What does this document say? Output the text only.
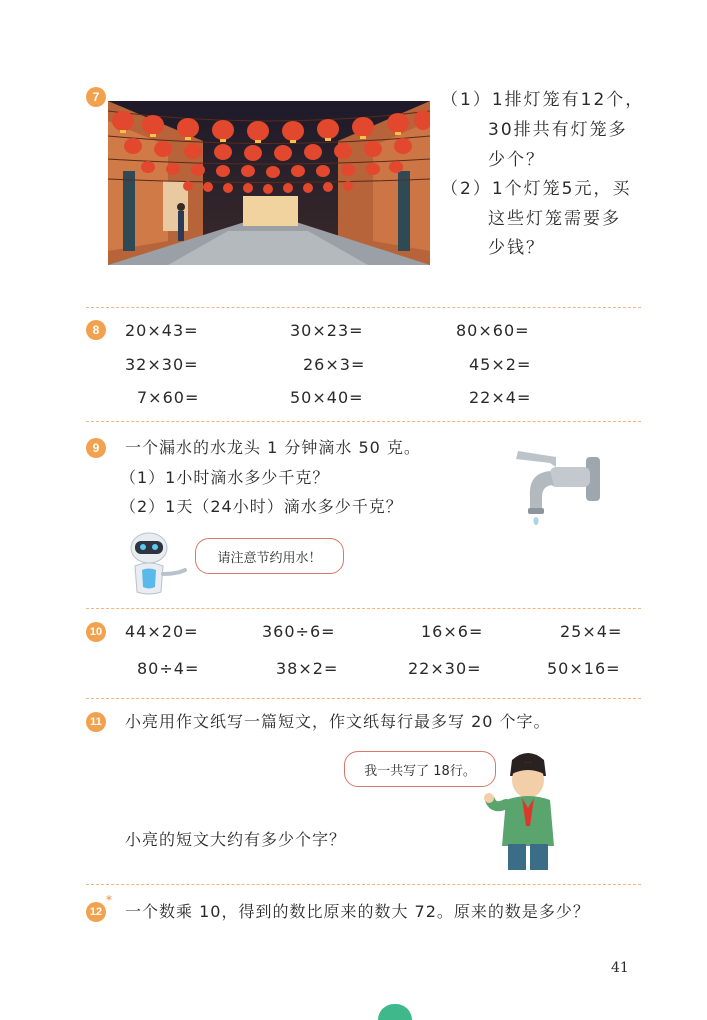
7	（1）1排灯笼有12个，
30排共有灯笼多
少个？
（2）1个灯笼5元，买
这些灯笼需要多
少钱？
8	20×43=	30×23=	80×60=
32×30=	26×3=	45×2=
7×60=	50×40=	22×4=
9	一个漏水的水龙头 1 分钟滴水 50 克。
（1）1小时滴水多少千克？
（2）1天（24小时）滴水多少千克？
请注意节约用水！
10 44×20=	360÷6=	16×6=	25×4=
80÷4=	38×2=	22×30=	50×16=
11 小亮用作文纸写一篇短文，作文纸每行最多写 20 个字。
我一共写了 18行。
小亮的短文大约有多少个字？
*
12 一个数乘 10，得到的数比原来的数大 72。原来的数是多少？
41
